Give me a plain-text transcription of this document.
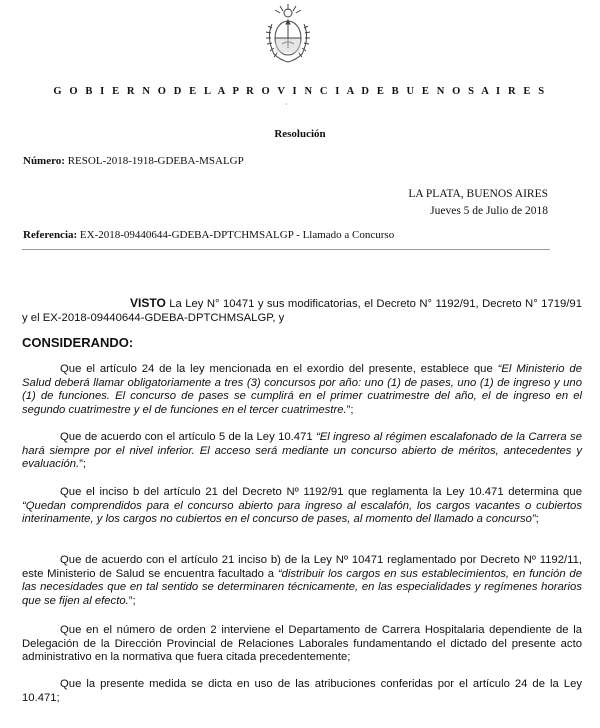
G O B I E R N O D E L A P R O V I N C I A D E B U E N O S A I R E S
·
Resolución
Número: RESOL-2018-1918-GDEBA-MSALGP
LA PLATA, BUENOS AIRES
Jueves 5 de Julio de 2018
Referencia: EX-2018-09440644-GDEBA-DPTCHMSALGP - Llamado a Concurso

VISTO La Ley N° 10471 y sus modificatorias, el Decreto N° 1192/91, Decreto N° 1719/91 y el EX-2018-09440644-GDEBA-DPTCHMSALGP, y

CONSIDERANDO:

Que el artículo 24 de la ley mencionada en el exordio del presente, establece que “El Ministerio de Salud deberá llamar obligatoriamente a tres (3) concursos por año: uno (1) de pases, uno (1) de ingreso y uno (1) de funciones. El concurso de pases se cumplirá en el primer cuatrimestre del año, el de ingreso en el segundo cuatrimestre y el de funciones en el tercer cuatrimestre.”;

Que de acuerdo con el artículo 5 de la Ley 10.471 “El ingreso al régimen escalafonado de la Carrera se hará siempre por el nivel inferior. El acceso será mediante un concurso abierto de méritos, antecedentes y evaluación.”;

Que el inciso b del artículo 21 del Decreto Nº 1192/91 que reglamenta la Ley 10.471 determina que “Quedan comprendidos para el concurso abierto para ingreso al escalafón, los cargos vacantes o cubiertos interinamente, y los cargos no cubiertos en el concurso de pases, al momento del llamado a concurso”;

Que de acuerdo con el artículo 21 inciso b) de la Ley Nº 10471 reglamentado por Decreto Nº 1192/11, este Ministerio de Salud se encuentra facultado a “distribuir los cargos en sus establecimientos, en función de las necesidades que en tal sentido se determinaren técnicamente, en las especialidades y regímenes horarios que se fijen al efecto.”;

Que en el número de orden 2 interviene el Departamento de Carrera Hospitalaria dependiente de la Delegación de la Dirección Provincial de Relaciones Laborales fundamentando el dictado del presente acto administrativo en la normativa que fuera citada precedentemente;

Que la presente medida se dicta en uso de las atribuciones conferidas por el artículo 24 de la Ley 10.471;
